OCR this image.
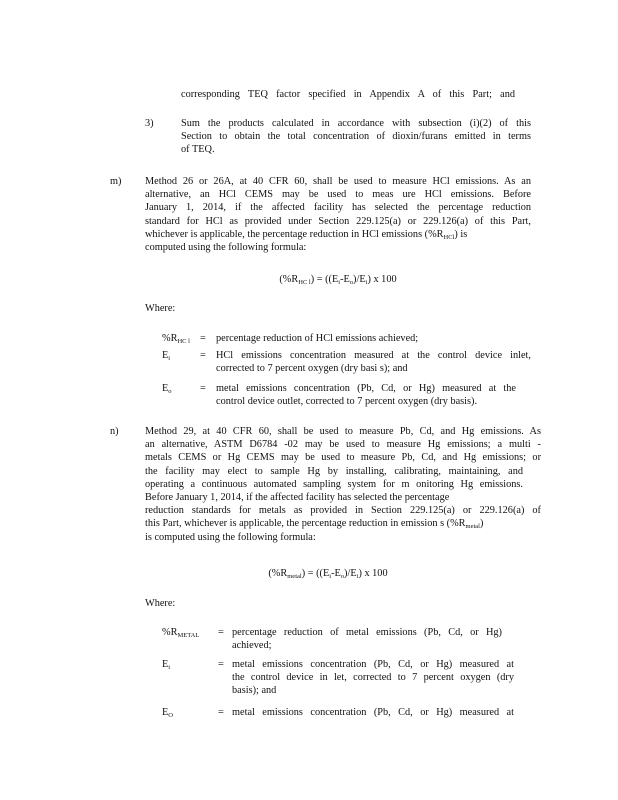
corresponding TEQ factor specified in Appendix A of this Part; and
3)	Sum the products calculated in accordance with subsection (i)(2) of this
Section to obtain the total concentration of dioxin/furans emitted in terms
of TEQ.
m) Method 26 or 26A, at 40 CFR 60, shall be used to measure HCl emissions. As an
alternative, an HCl CEMS may be used to meas ure HCl emissions. Before
January 1, 2014, if the affected facility has selected the percentage reduction
standard for HCl as provided under Section 229.125(a) or 229.126(a) of this Part,
whichever is applicable, the percentage reduction in HCl emissions $(\%R_{HCl})$ is
computed using the following formula:
$(\%R_{HC l}) = ((E_i-E_o)/E_i)$ x 100
Where:
$\%R_{HC l}$ = percentage reduction of HCl emissions achieved;
$E_i$	= HCl emissions concentration measured at the control device inlet,
corrected to 7 percent oxygen (dry basi s); and
$E_o$	= metal emissions concentration (Pb, Cd, or Hg) measured at the
control device outlet, corrected to 7 percent oxygen (dry basis).
n)	Method 29, at 40 CFR 60, shall be used to measure Pb, Cd, and Hg emissions. As
an alternative, ASTM D6784 -02 may be used to measure Hg emissions; a multi -
metals CEMS or Hg CEMS may be used to measure Pb, Cd, and Hg emissions; or
the facility may elect to sample Hg by installing, calibrating, maintaining, and
operating a continuous automated sampling system for m onitoring Hg emissions.
Before January 1, 2014, if the affected facility has selected the percentage
reduction standards for metals as provided in Section 229.125(a) or 229.126(a) of
this Part, whichever is applicable, the percentage reduction in emission s $(\%R_{metal})$
is computed using the following formula:
$(\%R_{metal}) = ((E_i-E_o)/E_i)$ x 100
Where:
$\%R_{METAL}$ = percentage reduction of metal emissions (Pb, Cd, or Hg)
achieved;
$E_i$	= metal emissions concentration (Pb, Cd, or Hg) measured at
the control device in let, corrected to 7 percent oxygen (dry
basis); and
$E_O$	= metal emissions concentration (Pb, Cd, or Hg) measured at
